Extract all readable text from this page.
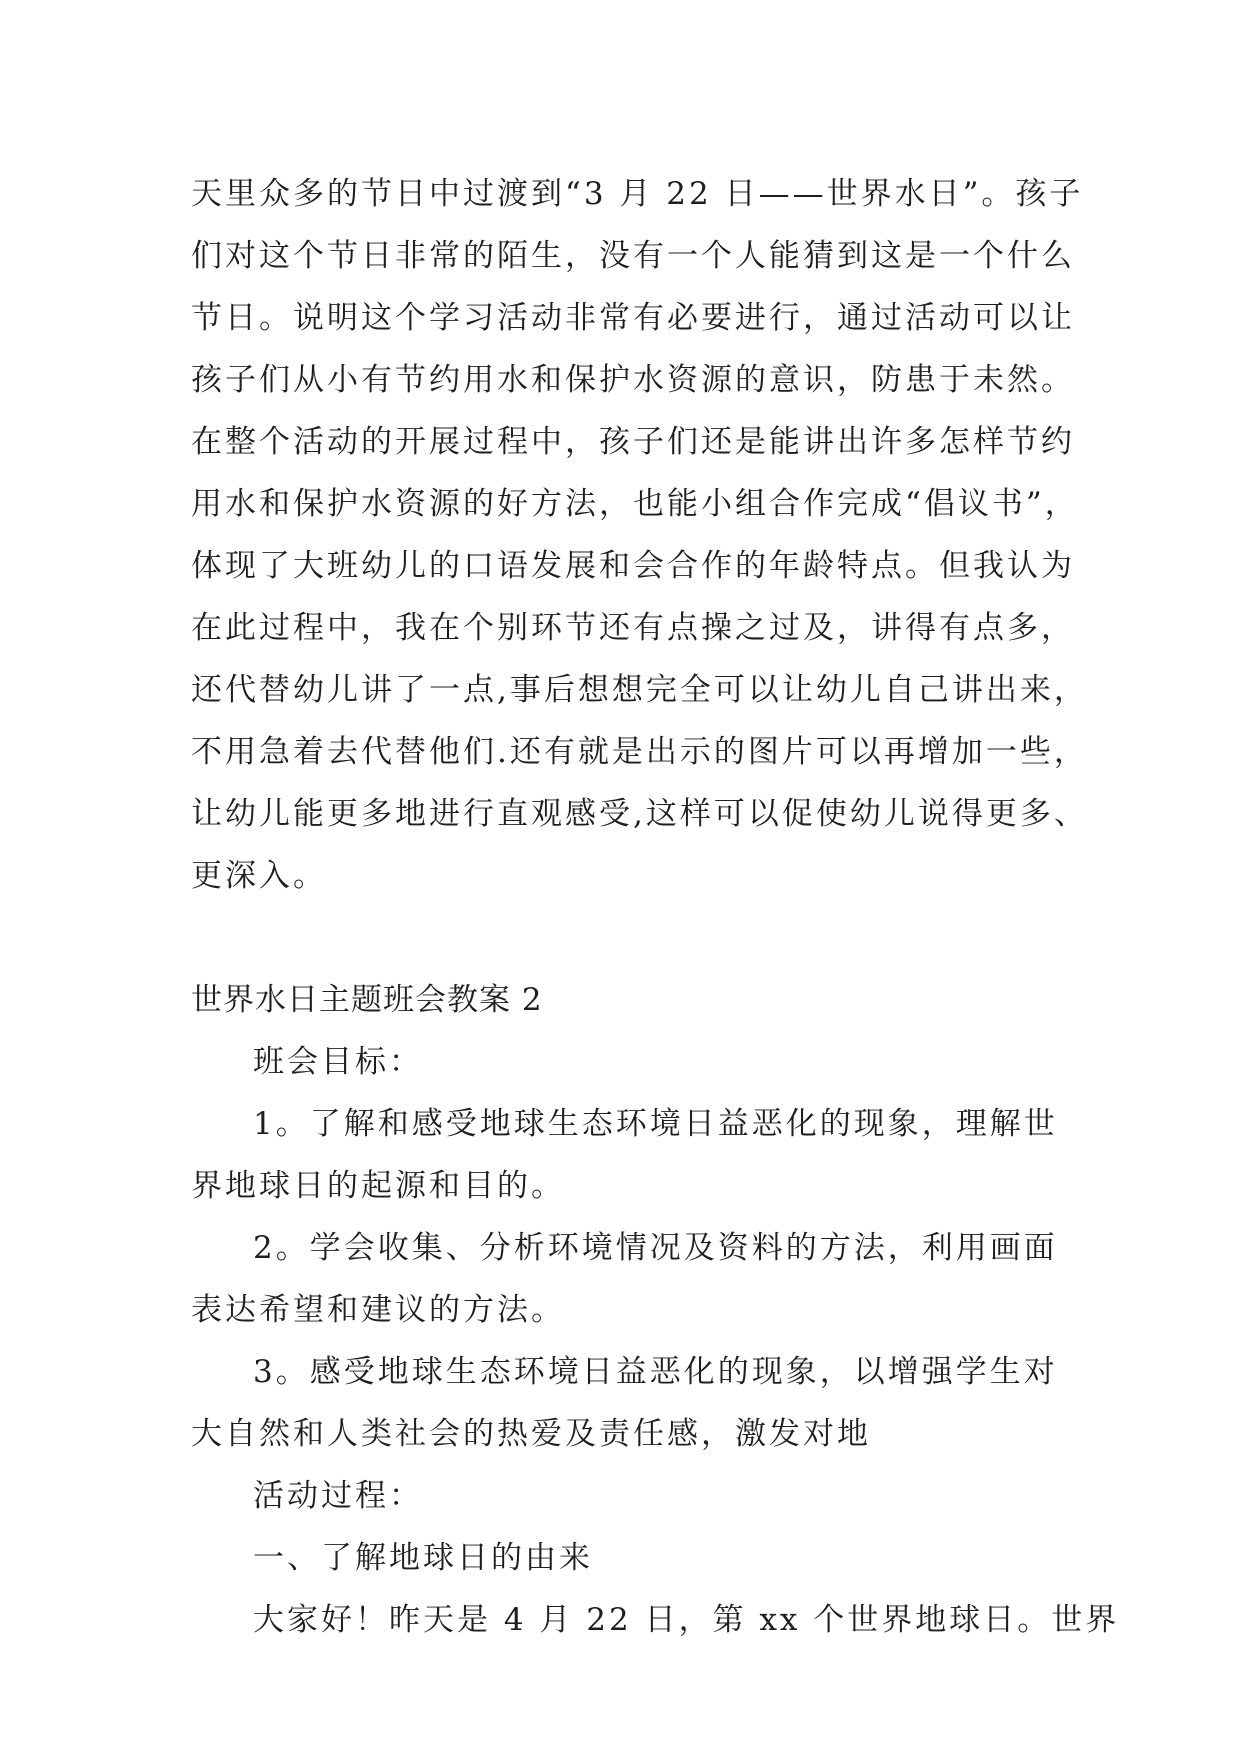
天里众多的节日中过渡到“3 月 22 日——世界水日”。孩子
们对这个节日非常的陌生，没有一个人能猜到这是一个什么
节日。说明这个学习活动非常有必要进行，通过活动可以让
孩子们从小有节约用水和保护水资源的意识，防患于未然。
在整个活动的开展过程中，孩子们还是能讲出许多怎样节约
用水和保护水资源的好方法，也能小组合作完成“倡议书”，
体现了大班幼儿的口语发展和会合作的年龄特点。但我认为
在此过程中，我在个别环节还有点操之过及，讲得有点多，
还代替幼儿讲了一点,事后想想完全可以让幼儿自己讲出来，
不用急着去代替他们.还有就是出示的图片可以再增加一些，
让幼儿能更多地进行直观感受,这样可以促使幼儿说得更多、
更深入。
世界水日主题班会教案 2
班会目标：
1。了解和感受地球生态环境日益恶化的现象，理解世
界地球日的起源和目的。
2。学会收集、分析环境情况及资料的方法，利用画面
表达希望和建议的方法。
3。感受地球生态环境日益恶化的现象，以增强学生对
大自然和人类社会的热爱及责任感，激发对地
活动过程：
一、了解地球日的由来
大家好！昨天是 4 月 22 日，第 xx 个世界地球日。世界
